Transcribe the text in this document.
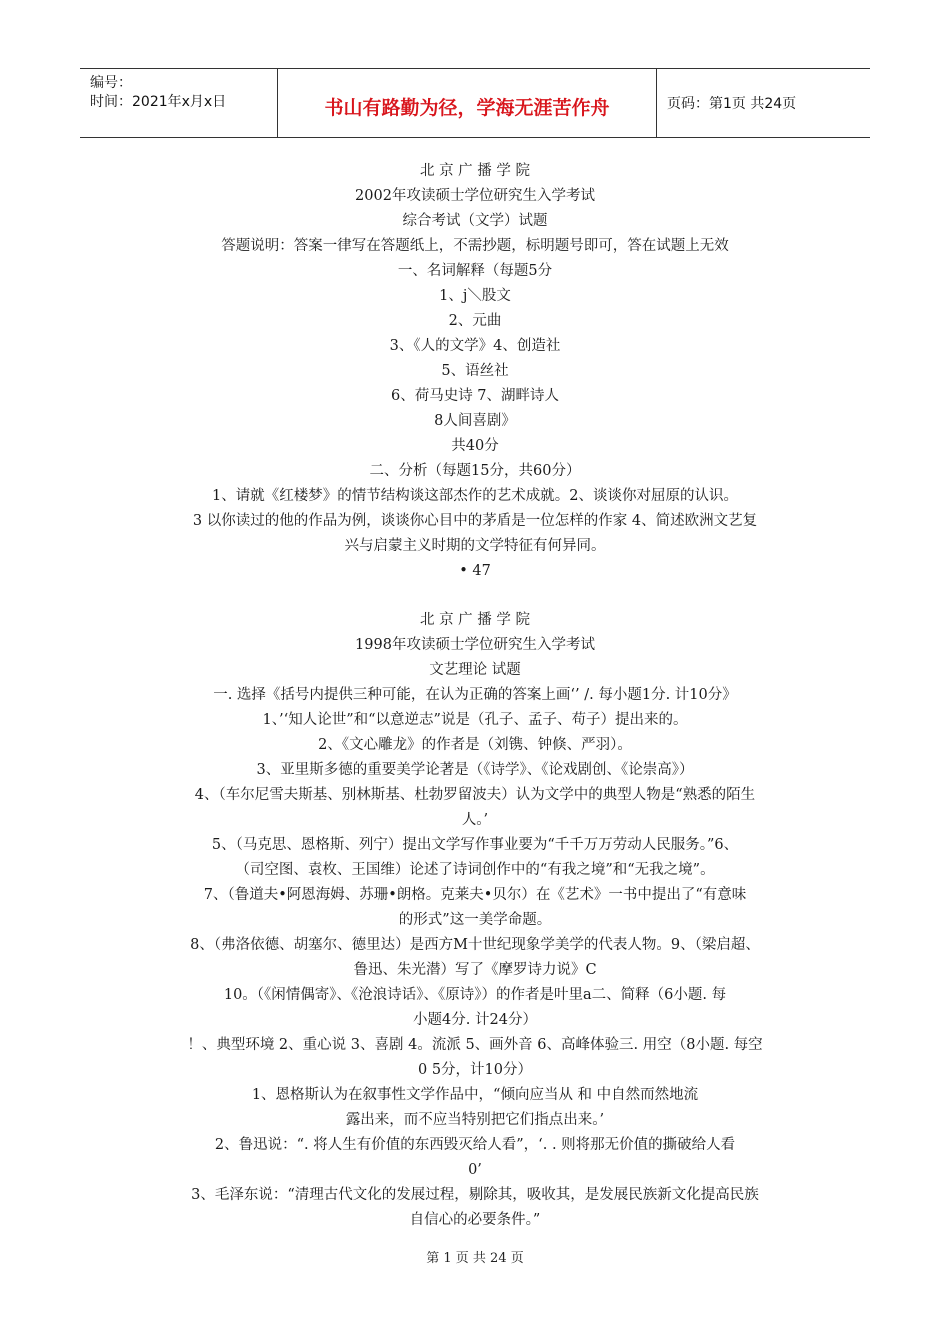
编号：
时间：2021年x月x日	书山有路勤为径，学海无涯苦作舟	页码：第1页 共24页
北 京 广 播 学 院
2002年攻读硕士学位研究生入学考试
综合考试（文学）试题
答题说明：答案一律写在答题纸上，不需抄题，标明题号即可，答在试题上无效
一、名词解释（每题5分
1、j＼股文
2、元曲
3、《人的文学》4、创造社
5、语丝社
6、荷马史诗 7、湖畔诗人
8人间喜剧》
共40分
二、分析（每题15分，共60分）
1、请就《红楼梦》的情节结构谈这部杰作的艺术成就。2、谈谈你对屈原的认识。
3 以你读过的他的作品为例，谈谈你心目中的茅盾是一位怎样的作家 4、简述欧洲文艺复
兴与启蒙主义时期的文学特征有何异同。
• 47
北 京 广 播 学 院
1998年攻读硕士学位研究生入学考试
文艺理论 试题
一. 选择《括号内提供三种可能，在认为正确的答案上画‘’ /. 每小题1分. 计10分》
1、’‘知人论世”和“以意逆志”说是（孔子、孟子、苟子）提出来的。
2、《文心雕龙》的作者是（刘镌、钟倏、严羽）。
3、亚里斯多德的重要美学论著是（《诗学》、《论戏剧创、《论崇高》）
4、（车尔尼雪夫斯基、别林斯基、杜勃罗留波夫）认为文学中的典型人物是“熟悉的陌生
人。’
5、（马克思、恩格斯、列宁）提出文学写作事业要为“千千万万劳动人民服务。”6、
（司空图、袁枚、王国维）论述了诗词创作中的“有我之境”和“无我之境”。
7、（鲁道夫•阿恩海姆、苏珊•朗格。克莱夫•贝尔）在《艺术》一书中提出了“有意味
的形式”这一美学命题。
8、（弗洛依德、胡塞尔、德里达）是西方M十世纪现象学美学的代表人物。9、（梁启超、
鲁迅、朱光潜）写了《摩罗诗力说》C
10。（《闲情偶寄》、《沧浪诗话》、《原诗》）的作者是叶里a二、简释（6小题. 每
小题4分. 计24分）
！、典型环境 2、重心说 3、喜剧 4。流派 5、画外音 6、高峰体验三. 用空（8小题. 每空
0 5分，计10分）
1、恩格斯认为在叙事性文学作品中，“倾向应当从 和 中自然而然地流
露出来，而不应当特别把它们指点出来。’
2、鲁迅说：“. 将人生有价值的东西毁灭给人看”，‘. . 则将那无价值的撕破给人看
0’
3、毛泽东说：“清理古代文化的发展过程，剔除其，吸收其，是发展民族新文化提高民族
自信心的必要条件。”
第 1 页 共 24 页
